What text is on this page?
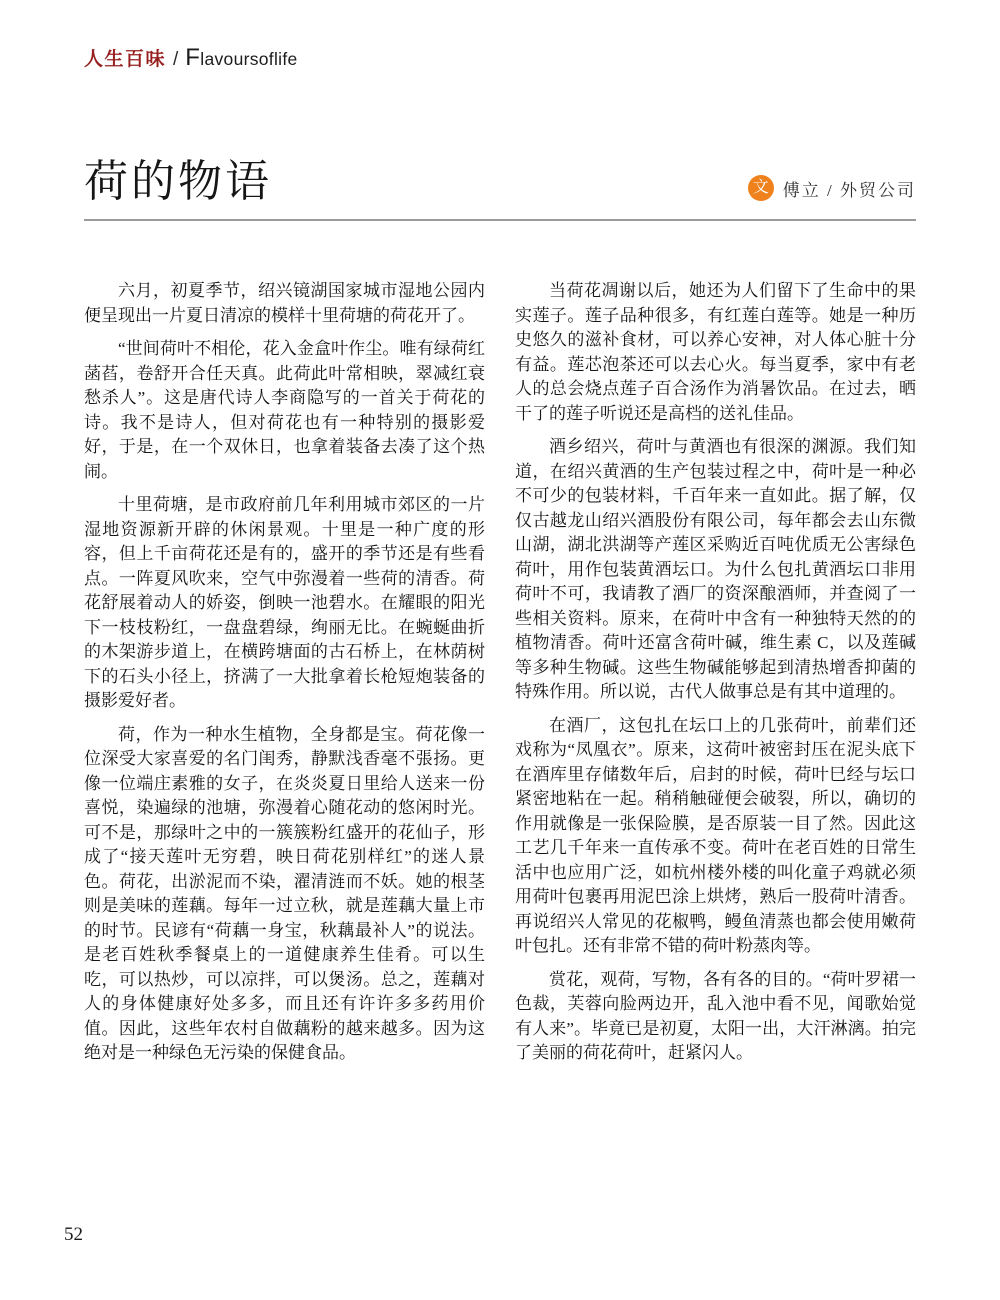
人生百味 / Flavoursoflife
荷的物语	文 傅立 / 外贸公司

六月，初夏季节，绍兴镜湖国家城市湿地公园内便呈现出一片夏日清凉的模样十里荷塘的荷花开了。

“世间荷叶不相伦，花入金盒叶作尘。唯有绿荷红菡萏，卷舒开合任天真。此荷此叶常相映，翠减红衰愁杀人”。这是唐代诗人李商隐写的一首关于荷花的诗。我不是诗人，但对荷花也有一种特别的摄影爱好，于是，在一个双休日，也拿着装备去凑了这个热闹。

十里荷塘，是市政府前几年利用城市郊区的一片湿地资源新开辟的休闲景观。十里是一种广度的形容，但上千亩荷花还是有的，盛开的季节还是有些看点。一阵夏风吹来，空气中弥漫着一些荷的清香。荷花舒展着动人的娇姿，倒映一池碧水。在耀眼的阳光下一枝枝粉红，一盘盘碧绿，绚丽无比。在蜿蜒曲折的木架游步道上，在横跨塘面的古石桥上，在林荫树下的石头小径上，挤满了一大批拿着长枪短炮装备的摄影爱好者。

荷，作为一种水生植物，全身都是宝。荷花像一位深受大家喜爱的名门闺秀，静默浅香毫不張扬。更像一位端庄素雅的女子，在炎炎夏日里给人送来一份喜悦，染遍绿的池塘，弥漫着心随花动的悠闲时光。可不是，那绿叶之中的一簇簇粉红盛开的花仙子，形成了“接天莲叶无穷碧，映日荷花别样红”的迷人景色。荷花，出淤泥而不染，濯清涟而不妖。她的根茎则是美味的莲藕。每年一过立秋，就是莲藕大量上市的时节。民谚有“荷藕一身宝，秋藕最补人”的说法。是老百姓秋季餐桌上的一道健康养生佳肴。可以生吃，可以热炒，可以凉拌，可以煲汤。总之，莲藕对人的身体健康好处多多，而且还有许许多多药用价值。因此，这些年农村自做藕粉的越来越多。因为这绝对是一种绿色无污染的保健食品。

当荷花凋谢以后，她还为人们留下了生命中的果实莲子。莲子品种很多，有红莲白莲等。她是一种历史悠久的滋补食材，可以养心安神，对人体心脏十分有益。莲芯泡茶还可以去心火。每当夏季，家中有老人的总会烧点莲子百合汤作为消暑饮品。在过去，晒干了的莲子听说还是高档的送礼佳品。

酒乡绍兴，荷叶与黄酒也有很深的渊源。我们知道，在绍兴黄酒的生产包装过程之中，荷叶是一种必不可少的包装材料，千百年来一直如此。据了解，仅仅古越龙山绍兴酒股份有限公司，每年都会去山东微山湖，湖北洪湖等产莲区采购近百吨优质无公害绿色荷叶，用作包装黄酒坛口。为什么包扎黄酒坛口非用荷叶不可，我请教了酒厂的资深酿酒师，并查阅了一些相关资料。原来，在荷叶中含有一种独特天然的的植物清香。荷叶还富含荷叶碱，维生素 C，以及莲碱等多种生物碱。这些生物碱能够起到清热增香抑菌的特殊作用。所以说，古代人做事总是有其中道理的。

在酒厂，这包扎在坛口上的几张荷叶，前辈们还戏称为“凤凰衣”。原来，这荷叶被密封压在泥头底下在酒库里存储数年后，启封的时候，荷叶巳经与坛口紧密地粘在一起。稍稍触碰便会破裂，所以，确切的作用就像是一张保险膜，是否原装一目了然。因此这工艺几千年来一直传承不变。荷叶在老百姓的日常生活中也应用广泛，如杭州楼外楼的叫化童子鸡就必须用荷叶包裹再用泥巴涂上烘烤，熟后一股荷叶清香。再说绍兴人常见的花椒鸭，鳗鱼清蒸也都会使用嫩荷叶包扎。还有非常不错的荷叶粉蒸肉等。

赏花，观荷，写物，各有各的目的。“荷叶罗裙一色裁，芙蓉向脸两边开，乱入池中看不见，闻歌始觉有人来”。毕竟已是初夏，太阳一出，大汗淋漓。拍完了美丽的荷花荷叶，赶紧闪人。

52
